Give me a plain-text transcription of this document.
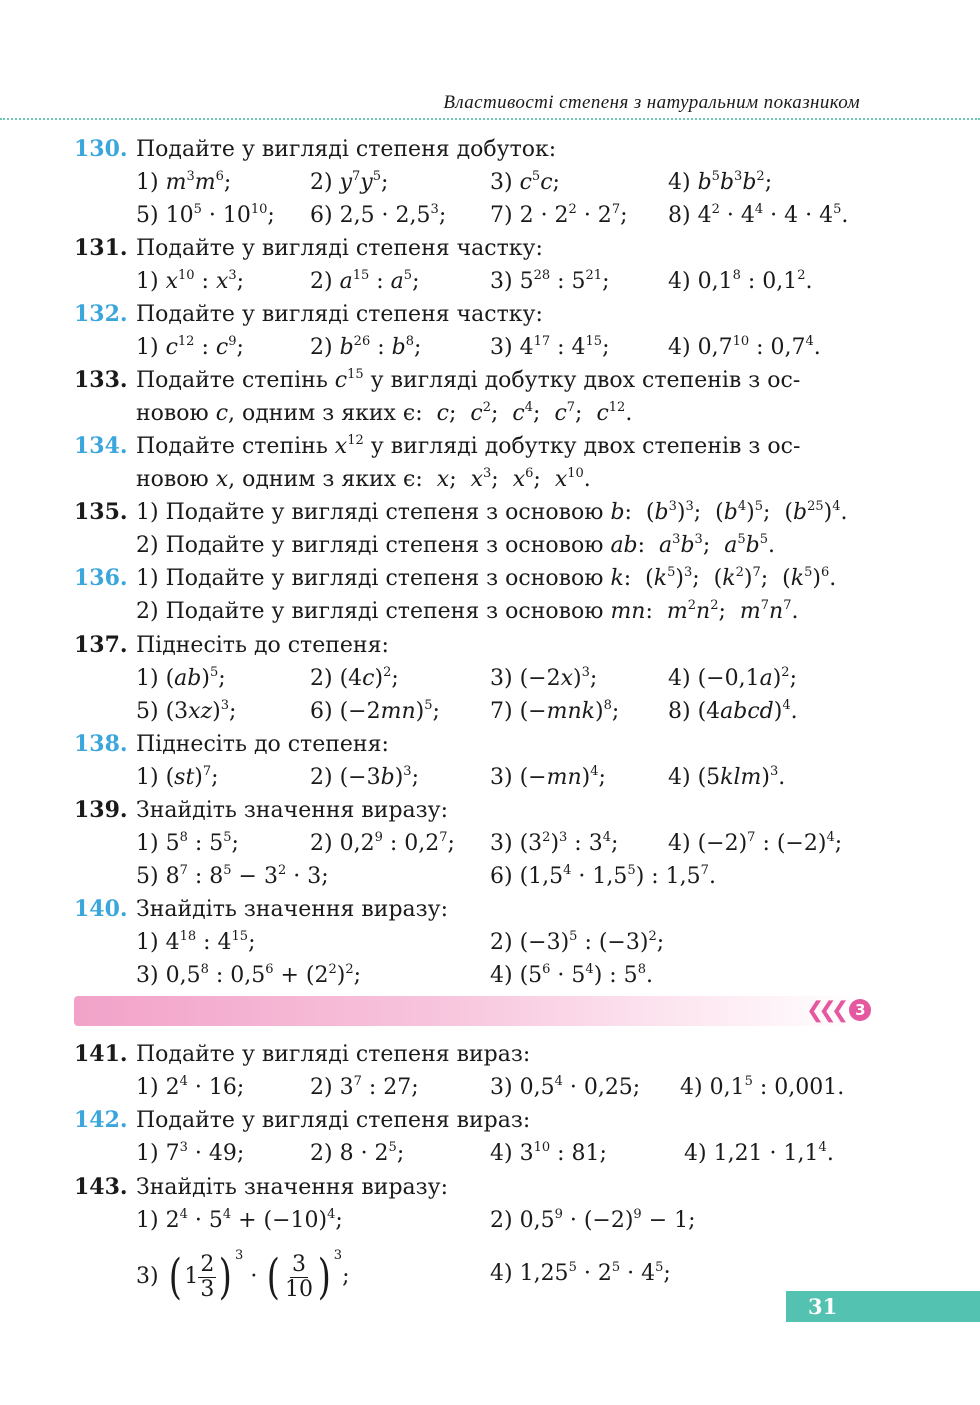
Властивості степеня з натуральним показником
130. Подайте у вигляді степеня добуток:
1) $m^3m^6$;	2) $y^7y^5$;	3) $c^5c$;	4) $b^5b^3b^2$;
5) $10^5 \cdot 10^{10}$; 6) $2,5 \cdot 2,5^3$; 7) $2 \cdot 2^2 \cdot 2^7$; 8) $4^2 \cdot 4^4 \cdot 4 \cdot 4^5$.
131. Подайте у вигляді степеня частку:
1) $x^{10}$ : $x^3$;	2) $a^{15}$ : $a^5$;	3) $5^{28}$ : $5^{21}$;	4) $0,1^8$ : $0,1^2$.
132. Подайте у вигляді степеня частку:
1) $c^{12}$ : $c^9$;	2) $b^{26}$ : $b^8$;	3) $4^{17}$ : $4^{15}$;	4) $0,7^{10}$ : $0,7^4$.
133. Подайте степінь $c^{15}$ у вигляді добутку двох степенів з ос-
новою c, одним з яких є: c;  $c^2$;  $c^4$;  $c^7$;  $c^{12}$.
134. Подайте степінь $x^{12}$ у вигляді добутку двох степенів з ос-
новою x, одним з яких є: x;  $x^3$;  $x^6$;  $x^{10}$.
135. 1) Подайте у вигляді степеня з основою b:  $(b^3)^3$;  $(b^4)^5$;  $(b^{25})^4$.
2) Подайте у вигляді степеня з основою ab:  $a^3b^3$;  $a^5b^5$.
136. 1) Подайте у вигляді степеня з основою k:  $(k^5)^3$;  $(k^2)^7$;  $(k^5)^6$.
2) Подайте у вигляді степеня з основою mn:  $m^2n^2$;  $m^7n^7$.
137. Піднесіть до степеня:
1) (ab)$^5$;	2) $(4c)^2$;	3) $(-2x)^3$;	4) $(-0,1a)^2$;
5) $(3xz)^3$;	6) $(-2mn)^5$; 7) $(-mnk)^8$; 8) (4abcd)$^4$.
138. Піднесіть до степеня:
1) (st)$^7$;	2) $(-3b)^3$;	3) $(-mn)^4$;	4) $(5klm)^3$.
139. Знайдіть значення виразу:
1) $5^8$ : $5^5$;	2) $0,2^9$ : $0,2^7$; 3) $(3^2)^3$ : $3^4$; 4) $(-2)^7$ : $(-2)^4$;
5) $8^7$ : $8^5 - 3^2 \cdot 3$;	6) $(1,5^4 \cdot 1,5^5)$ : $1,5^7$.
140. Знайдіть значення виразу:
1) $4^{18}$ : $4^{15}$;	2) $(-3)^5$ : $(-3)^2$;
3) $0,5^8$ : $0,5^6 + (2^2)^2$;	4) $(5^6 \cdot 5^4)$ : $5^8$.
❮❮❮ 3
141. Подайте у вигляді степеня вираз:
1) $2^4 \cdot 16$;	2) $3^7$ : 27;	3) $0,5^4 \cdot 0,25$; 4) $0,1^5$ : 0,001.
142. Подайте у вигляді степеня вираз:
1) $7^3 \cdot 49$;	2) $8 \cdot 2^5$;	4) $3^{10}$ : 81;	4) $1,21 \cdot 1,1^4$.
143. Знайдіть значення виразу:
1) $2^4 \cdot 5^4 + (-10)^4$;	2) $0,5^9 \cdot (-2)^9 - 1$;
3) ( $1 \frac{2}{3}$ ) $^3$ · ( $\frac{3}{10}$ ) $^3$;	4) $1,25^5 \cdot 2^5 \cdot 4^5$;
31
